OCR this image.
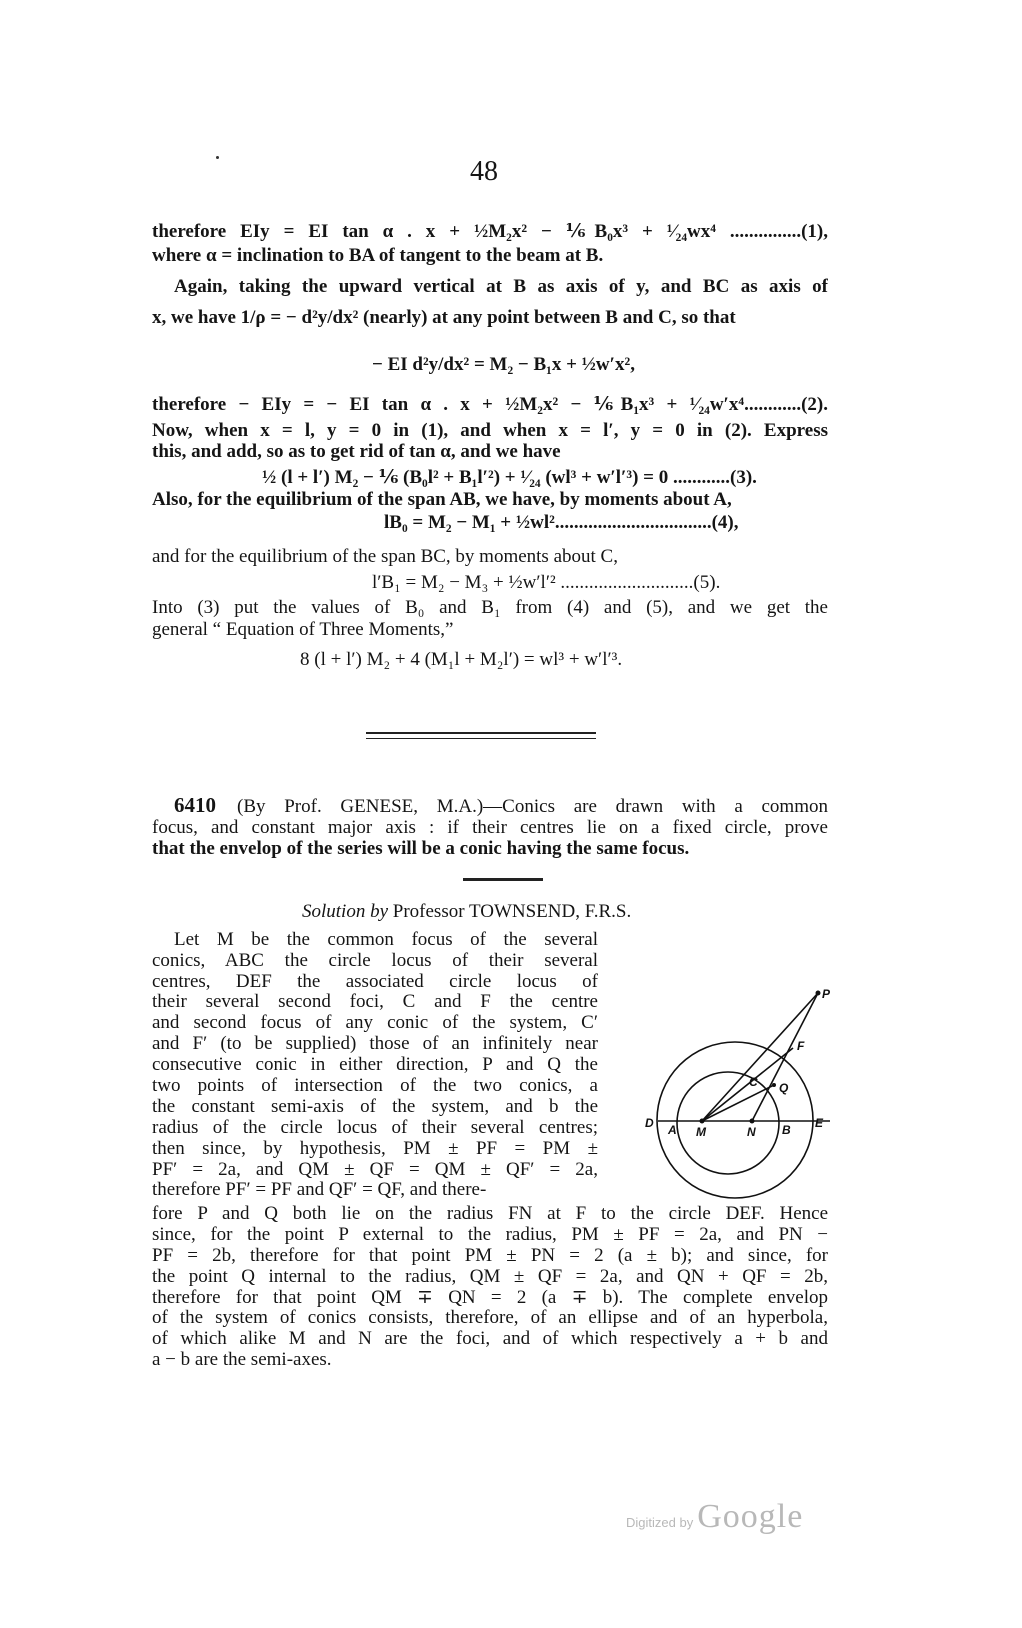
48
therefore EIy = EI tan α . x + ½M₂x² − ⅙B₀x³ + ¹⁄₂₄wx⁴ ...............(1),
where α = inclination to BA of tangent to the beam at B.
Again, taking the upward vertical at B as axis of y, and BC as axis of
x, we have 1/ρ = − d²y/dx² (nearly) at any point between B and C, so that
− EI d²y/dx² = M₂ − B₁x + ½w′x²,
therefore − EIy = − EI tan α . x + ½M₂x² − ⅙B₁x³ + ¹⁄₂₄w′x⁴............(2).
Now, when x = l, y = 0 in (1), and when x = l′, y = 0 in (2). Express
this, and add, so as to get rid of tan α, and we have
½ (l + l′) M₂ − ⅙ (B₀l² + B₁l′²) + ¹⁄₂₄ (wl³ + w′l′³) = 0 ............(3).
Also, for the equilibrium of the span AB, we have, by moments about A,
lB₀ = M₂ − M₁ + ½wl².................................(4),
and for the equilibrium of the span BC, by moments about C,
l′B₁ = M₂ − M₃ + ½w′l′² ............................(5).
Into (3) put the values of B₀ and B₁ from (4) and (5), and we get the
general “ Equation of Three Moments,”
8 (l + l′) M₂ + 4 (M₁l + M₂l′) = wl³ + w′l′³.
6410 (By Prof. GENESE, M.A.)—Conics are drawn with a common
focus, and constant major axis : if their centres lie on a fixed circle, prove
that the envelop of the series will be a conic having the same focus.
Solution by Professor TOWNSEND, F.R.S.
Let M be the common focus of the several
conics, ABC the circle locus of their several
centres, DEF the associated circle locus of
their several second foci, C and F the centre
and second focus of any conic of the system, C′
and F′ (to be supplied) those of an infinitely near
consecutive conic in either direction, P and Q the
two points of intersection of the two conics, a
the constant semi-axis of the system, and b the
radius of the circle locus of their several centres;
then since, by hypothesis, PM ± PF = PM ±
PF′ = 2a, and QM ± QF = QM ± QF′ = 2a,
therefore PF′ = PF and QF′ = QF, and there-
fore P and Q both lie on the radius FN at F to the circle DEF. Hence
since, for the point P external to the radius, PM ± PF = 2a, and PN −
PF = 2b, therefore for that point PM ± PN = 2 (a ± b); and since, for
the point Q internal to the radius, QM ± QF = 2a, and QN + QF = 2b,
therefore for that point QM ∓ QN = 2 (a ∓ b). The complete envelop
of the system of conics consists, therefore, of an ellipse and of an hyperbola,
of which alike M and N are the foci, and of which respectively a + b and
a − b are the semi-axes.
P
F
C Q
D A M	N B E
Digitized by Google
